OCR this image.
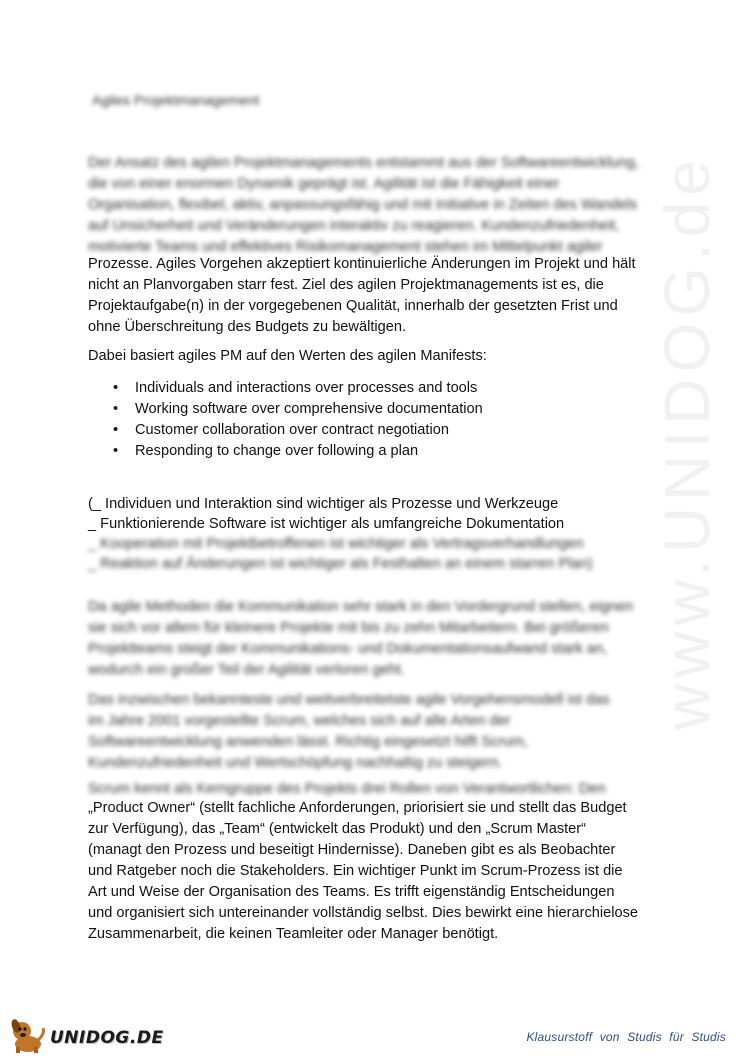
www.UNIDOG.de
Agiles Projektmanagement
Der Ansatz des agilen Projektmanagements entstammt aus der Softwareentwicklung,
die von einer enormen Dynamik geprägt ist. Agilität ist die Fähigkeit einer
Organisation, flexibel, aktiv, anpassungsfähig und mit Initiative in Zeiten des Wandels
auf Unsicherheit und Veränderungen interaktiv zu reagieren. Kundenzufriedenheit,
motivierte Teams und effektives Risikomanagement stehen im Mittelpunkt agiler
Prozesse. Agiles Vorgehen akzeptiert kontinuierliche Änderungen im Projekt und hält
nicht an Planvorgaben starr fest. Ziel des agilen Projektmanagements ist es, die
Projektaufgabe(n) in der vorgegebenen Qualität, innerhalb der gesetzten Frist und
ohne Überschreitung des Budgets zu bewältigen.
Dabei basiert agiles PM auf den Werten des agilen Manifests:
• Individuals and interactions over processes and tools
• Working software over comprehensive documentation
• Customer collaboration over contract negotiation
• Responding to change over following a plan
(_ Individuen und Interaktion sind wichtiger als Prozesse und Werkzeuge
_ Funktionierende Software ist wichtiger als umfangreiche Dokumentation
_ Kooperation mit Projektbetroffenen ist wichtiger als Vertragsverhandlungen
_ Reaktion auf Änderungen ist wichtiger als Festhalten an einem starren Plan)
Da agile Methoden die Kommunikation sehr stark in den Vordergrund stellen, eignen
sie sich vor allem für kleinere Projekte mit bis zu zehn Mitarbeitern. Bei größeren
Projektteams steigt der Kommunikations- und Dokumentationsaufwand stark an,
wodurch ein großer Teil der Agilität verloren geht.
Das inzwischen bekannteste und weitverbreitetste agile Vorgehensmodell ist das
im Jahre 2001 vorgestellte Scrum, welches sich auf alle Arten der
Softwareentwicklung anwenden lässt. Richtig eingesetzt hilft Scrum,
Kundenzufriedenheit und Wertschöpfung nachhaltig zu steigern.
Scrum kennt als Kerngruppe des Projekts drei Rollen von Verantwortlichen: Den
„Product Owner“ (stellt fachliche Anforderungen, priorisiert sie und stellt das Budget
zur Verfügung), das „Team“ (entwickelt das Produkt) und den „Scrum Master“
(managt den Prozess und beseitigt Hindernisse). Daneben gibt es als Beobachter
und Ratgeber noch die Stakeholders. Ein wichtiger Punkt im Scrum-Prozess ist die
Art und Weise der Organisation des Teams. Es trifft eigenständig Entscheidungen
und organisiert sich untereinander vollständig selbst. Dies bewirkt eine hierarchielose
Zusammenarbeit, die keinen Teamleiter oder Manager benötigt.
UNIDOG.DE	Klausurstoff von Studis für Studis
